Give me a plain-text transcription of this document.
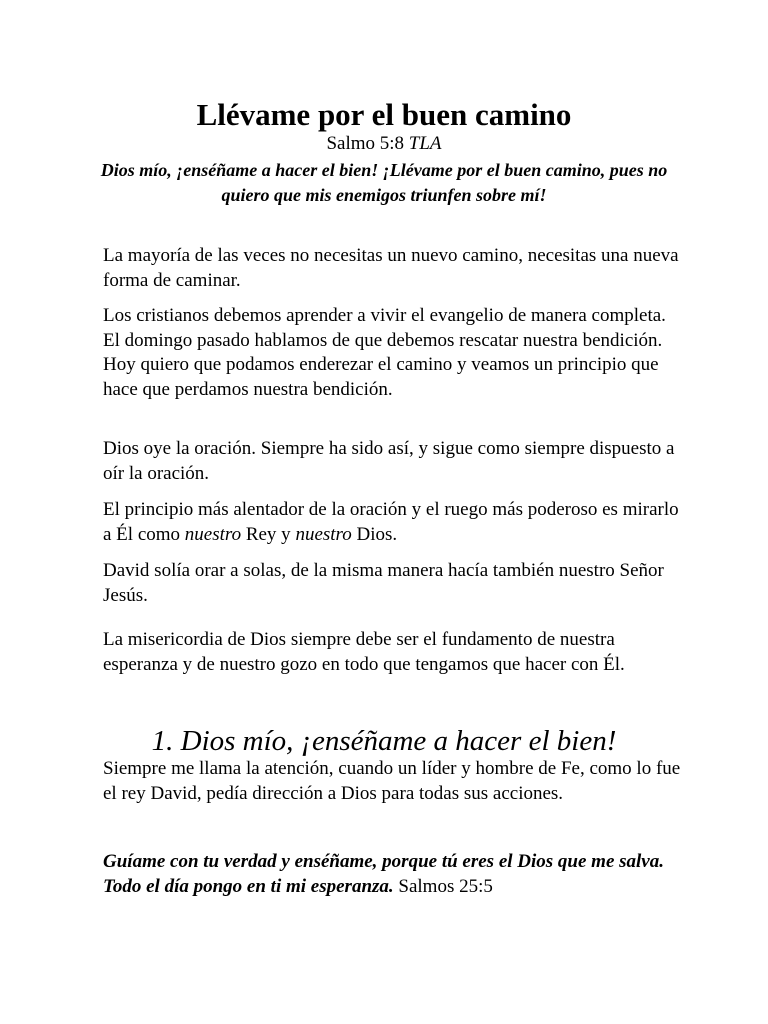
Llévame por el buen camino
Salmo 5:8 TLA
Dios mío, ¡enséñame a hacer el bien! ¡Llévame por el buen camino, pues no quiero que mis enemigos triunfen sobre mí!

La mayoría de las veces no necesitas un nuevo camino, necesitas una nueva forma de caminar.

Los cristianos debemos aprender a vivir el evangelio de manera completa. El domingo pasado hablamos de que debemos rescatar nuestra bendición. Hoy quiero que podamos enderezar el camino y veamos un principio que hace que perdamos nuestra bendición.

Dios oye la oración. Siempre ha sido así, y sigue como siempre dispuesto a oír la oración.

El principio más alentador de la oración y el ruego más poderoso es mirarlo a Él como nuestro Rey y nuestro Dios.

David solía orar a solas, de la misma manera hacía también nuestro Señor Jesús.

La misericordia de Dios siempre debe ser el fundamento de nuestra esperanza y de nuestro gozo en todo que tengamos que hacer con Él.

1. Dios mío, ¡enséñame a hacer el bien!

Siempre me llama la atención, cuando un líder y hombre de Fe, como lo fue el rey David, pedía dirección a Dios para todas sus acciones.

Guíame con tu verdad y enséñame, porque tú eres el Dios que me salva. Todo el día pongo en ti mi esperanza. Salmos 25:5
